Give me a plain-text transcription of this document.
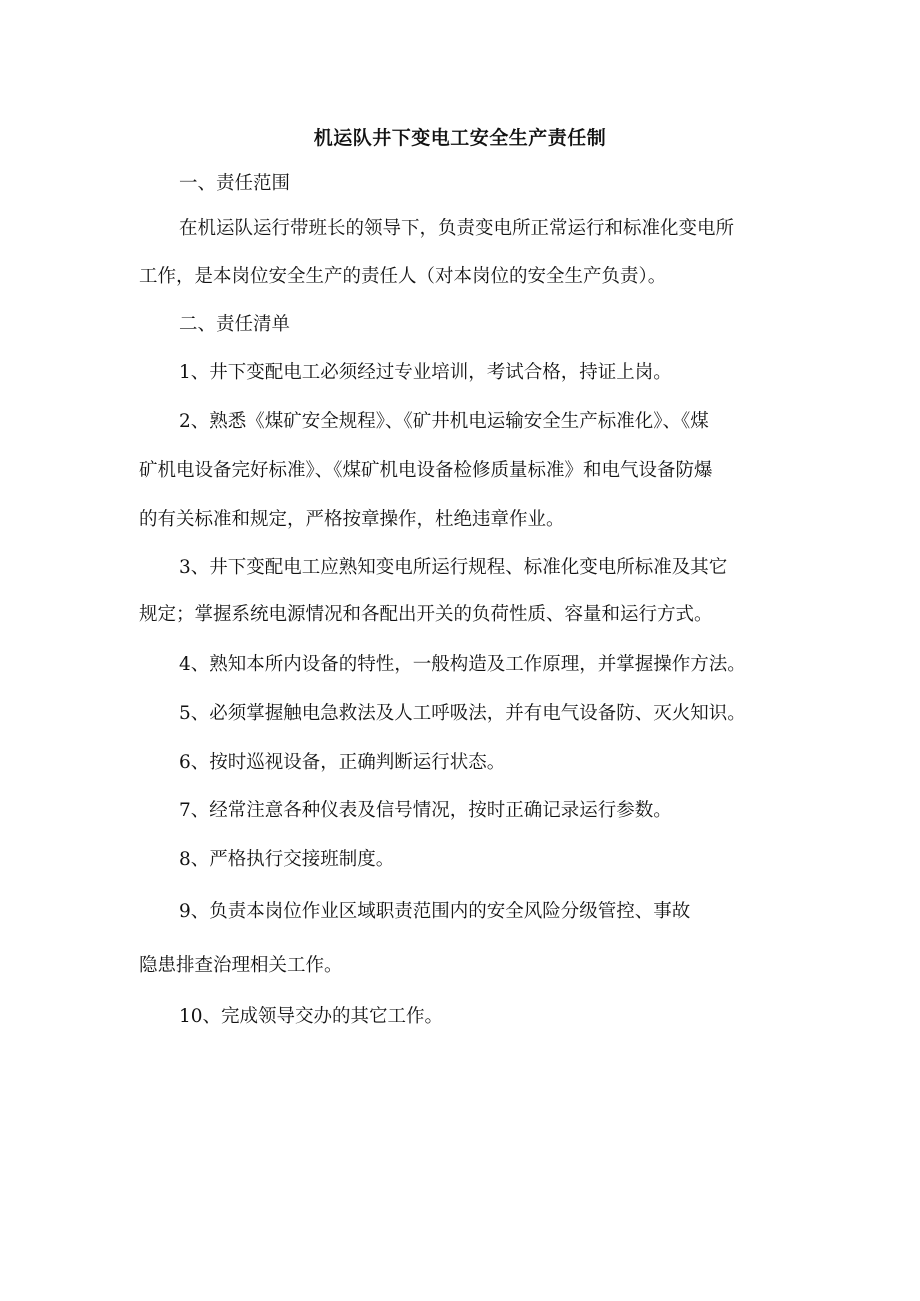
机运队井下变电工安全生产责任制
一、责任范围
在机运队运行带班长的领导下，负责变电所正常运行和标准化变电所
工作，是本岗位安全生产的责任人（对本岗位的安全生产负责）。
二、责任清单
1、井下变配电工必须经过专业培训，考试合格，持证上岗。
2、熟悉《煤矿安全规程》、《矿井机电运输安全生产标准化》、《煤
矿机电设备完好标准》、《煤矿机电设备检修质量标准》和电气设备防爆
的有关标准和规定，严格按章操作，杜绝违章作业。
3、井下变配电工应熟知变电所运行规程、标准化变电所标准及其它
规定；掌握系统电源情况和各配出开关的负荷性质、容量和运行方式。
4、熟知本所内设备的特性，一般构造及工作原理，并掌握操作方法。
5、必须掌握触电急救法及人工呼吸法，并有电气设备防、灭火知识。
6、按时巡视设备，正确判断运行状态。
7、经常注意各种仪表及信号情况，按时正确记录运行参数。
8、严格执行交接班制度。
9、负责本岗位作业区域职责范围内的安全风险分级管控、事故
隐患排查治理相关工作。
10、完成领导交办的其它工作。
